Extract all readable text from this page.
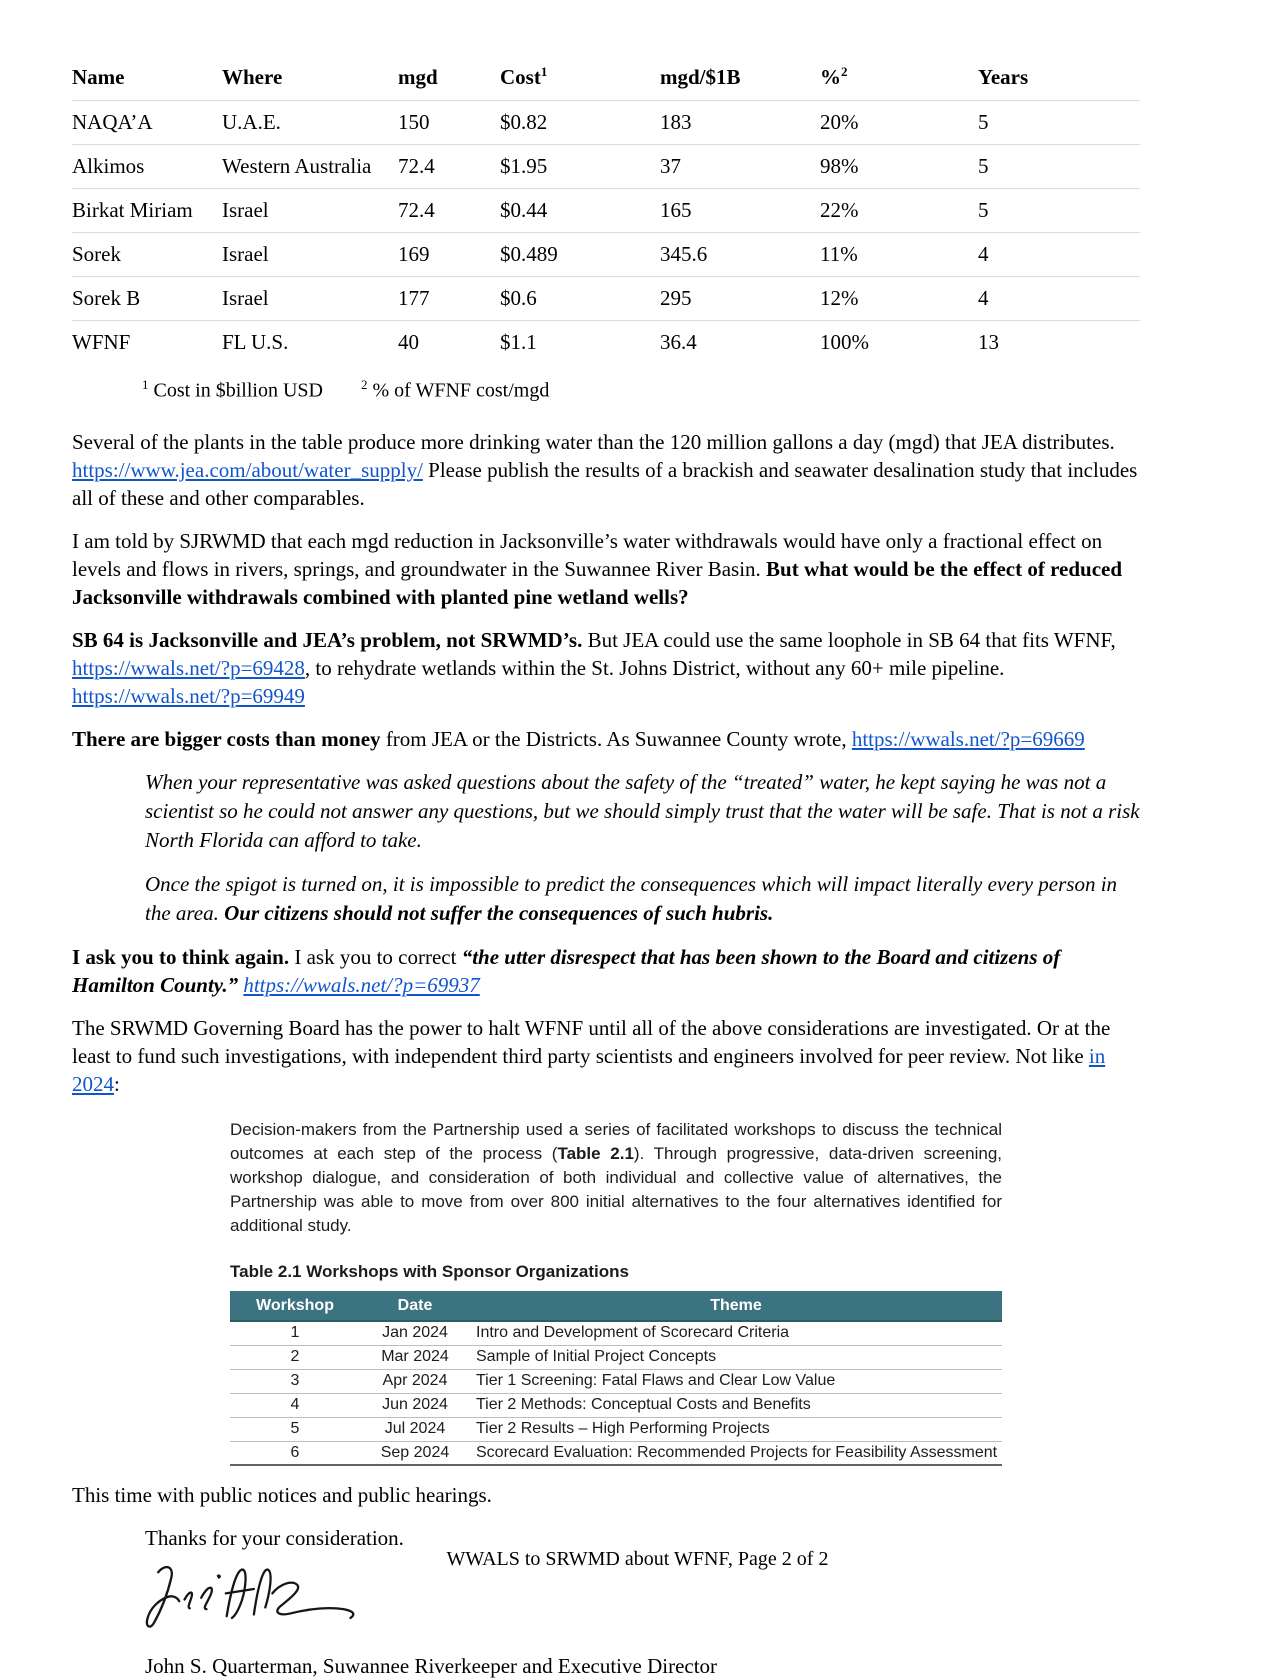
Name	Where	mgd	Cost$^1$	mgd/$1B	%$^2$	Years
NAQA’A	U.A.E.	150	$0.82	183	20%	5
Alkimos	Western Australia	72.4	$1.95	37	98%	5
Birkat Miriam	Israel	72.4	$0.44	165	22%	5
Sorek	Israel	169	$0.489	345.6	11%	4
Sorek B	Israel	177	$0.6	295	12%	4
WFNF	FL U.S.	40	$1.1	36.4	100%	13
$^1$ Cost in $billion USD	$^2$ % of WFNF cost/mgd

Several of the plants in the table produce more drinking water than the 120 million gallons a day (mgd) that JEA distributes. https://www.jea.com/about/water_supply/ Please publish the results of a brackish and seawater desalination study that includes all of these and other comparables.

I am told by SJRWMD that each mgd reduction in Jacksonville’s water withdrawals would have only a fractional effect on levels and flows in rivers, springs, and groundwater in the Suwannee River Basin. But what would be the effect of reduced Jacksonville withdrawals combined with planted pine wetland wells?

SB 64 is Jacksonville and JEA’s problem, not SRWMD’s. But JEA could use the same loophole in SB 64 that fits WFNF, https://wwals.net/?p=69428, to rehydrate wetlands within the St. Johns District, without any 60+ mile pipeline.
https://wwals.net/?p=69949

There are bigger costs than money from JEA or the Districts. As Suwannee County wrote, https://wwals.net/?p=69669

When your representative was asked questions about the safety of the “treated” water, he kept saying he was not a scientist so he could not answer any questions, but we should simply trust that the water will be safe. That is not a risk North Florida can afford to take.

Once the spigot is turned on, it is impossible to predict the consequences which will impact literally every person in the area. Our citizens should not suffer the consequences of such hubris.

I ask you to think again. I ask you to correct “the utter disrespect that has been shown to the Board and citizens of Hamilton County.” https://wwals.net/?p=69937

The SRWMD Governing Board has the power to halt WFNF until all of the above considerations are investigated. Or at the least to fund such investigations, with independent third party scientists and engineers involved for peer review. Not like in 2024:

Decision-makers from the Partnership used a series of facilitated workshops to discuss the technical outcomes at each step of the process (Table 2.1). Through progressive, data-driven screening, workshop dialogue, and consideration of both individual and collective value of alternatives, the Partnership was able to move from over 800 initial alternatives to the four alternatives identified for additional study.

Table 2.1 Workshops with Sponsor Organizations
Workshop	Date	Theme
1	Jan 2024	Intro and Development of Scorecard Criteria
2	Mar 2024	Sample of Initial Project Concepts
3	Apr 2024	Tier 1 Screening: Fatal Flaws and Clear Low Value
4	Jun 2024	Tier 2 Methods: Conceptual Costs and Benefits
5	Jul 2024	Tier 2 Results – High Performing Projects
6	Sep 2024	Scorecard Evaluation: Recommended Projects for Feasibility Assessment

This time with public notices and public hearings.

Thanks for your consideration.

John S. Quarterman, Suwannee Riverkeeper and Executive Director

WWALS to SRWMD about WFNF, Page 2 of 2
